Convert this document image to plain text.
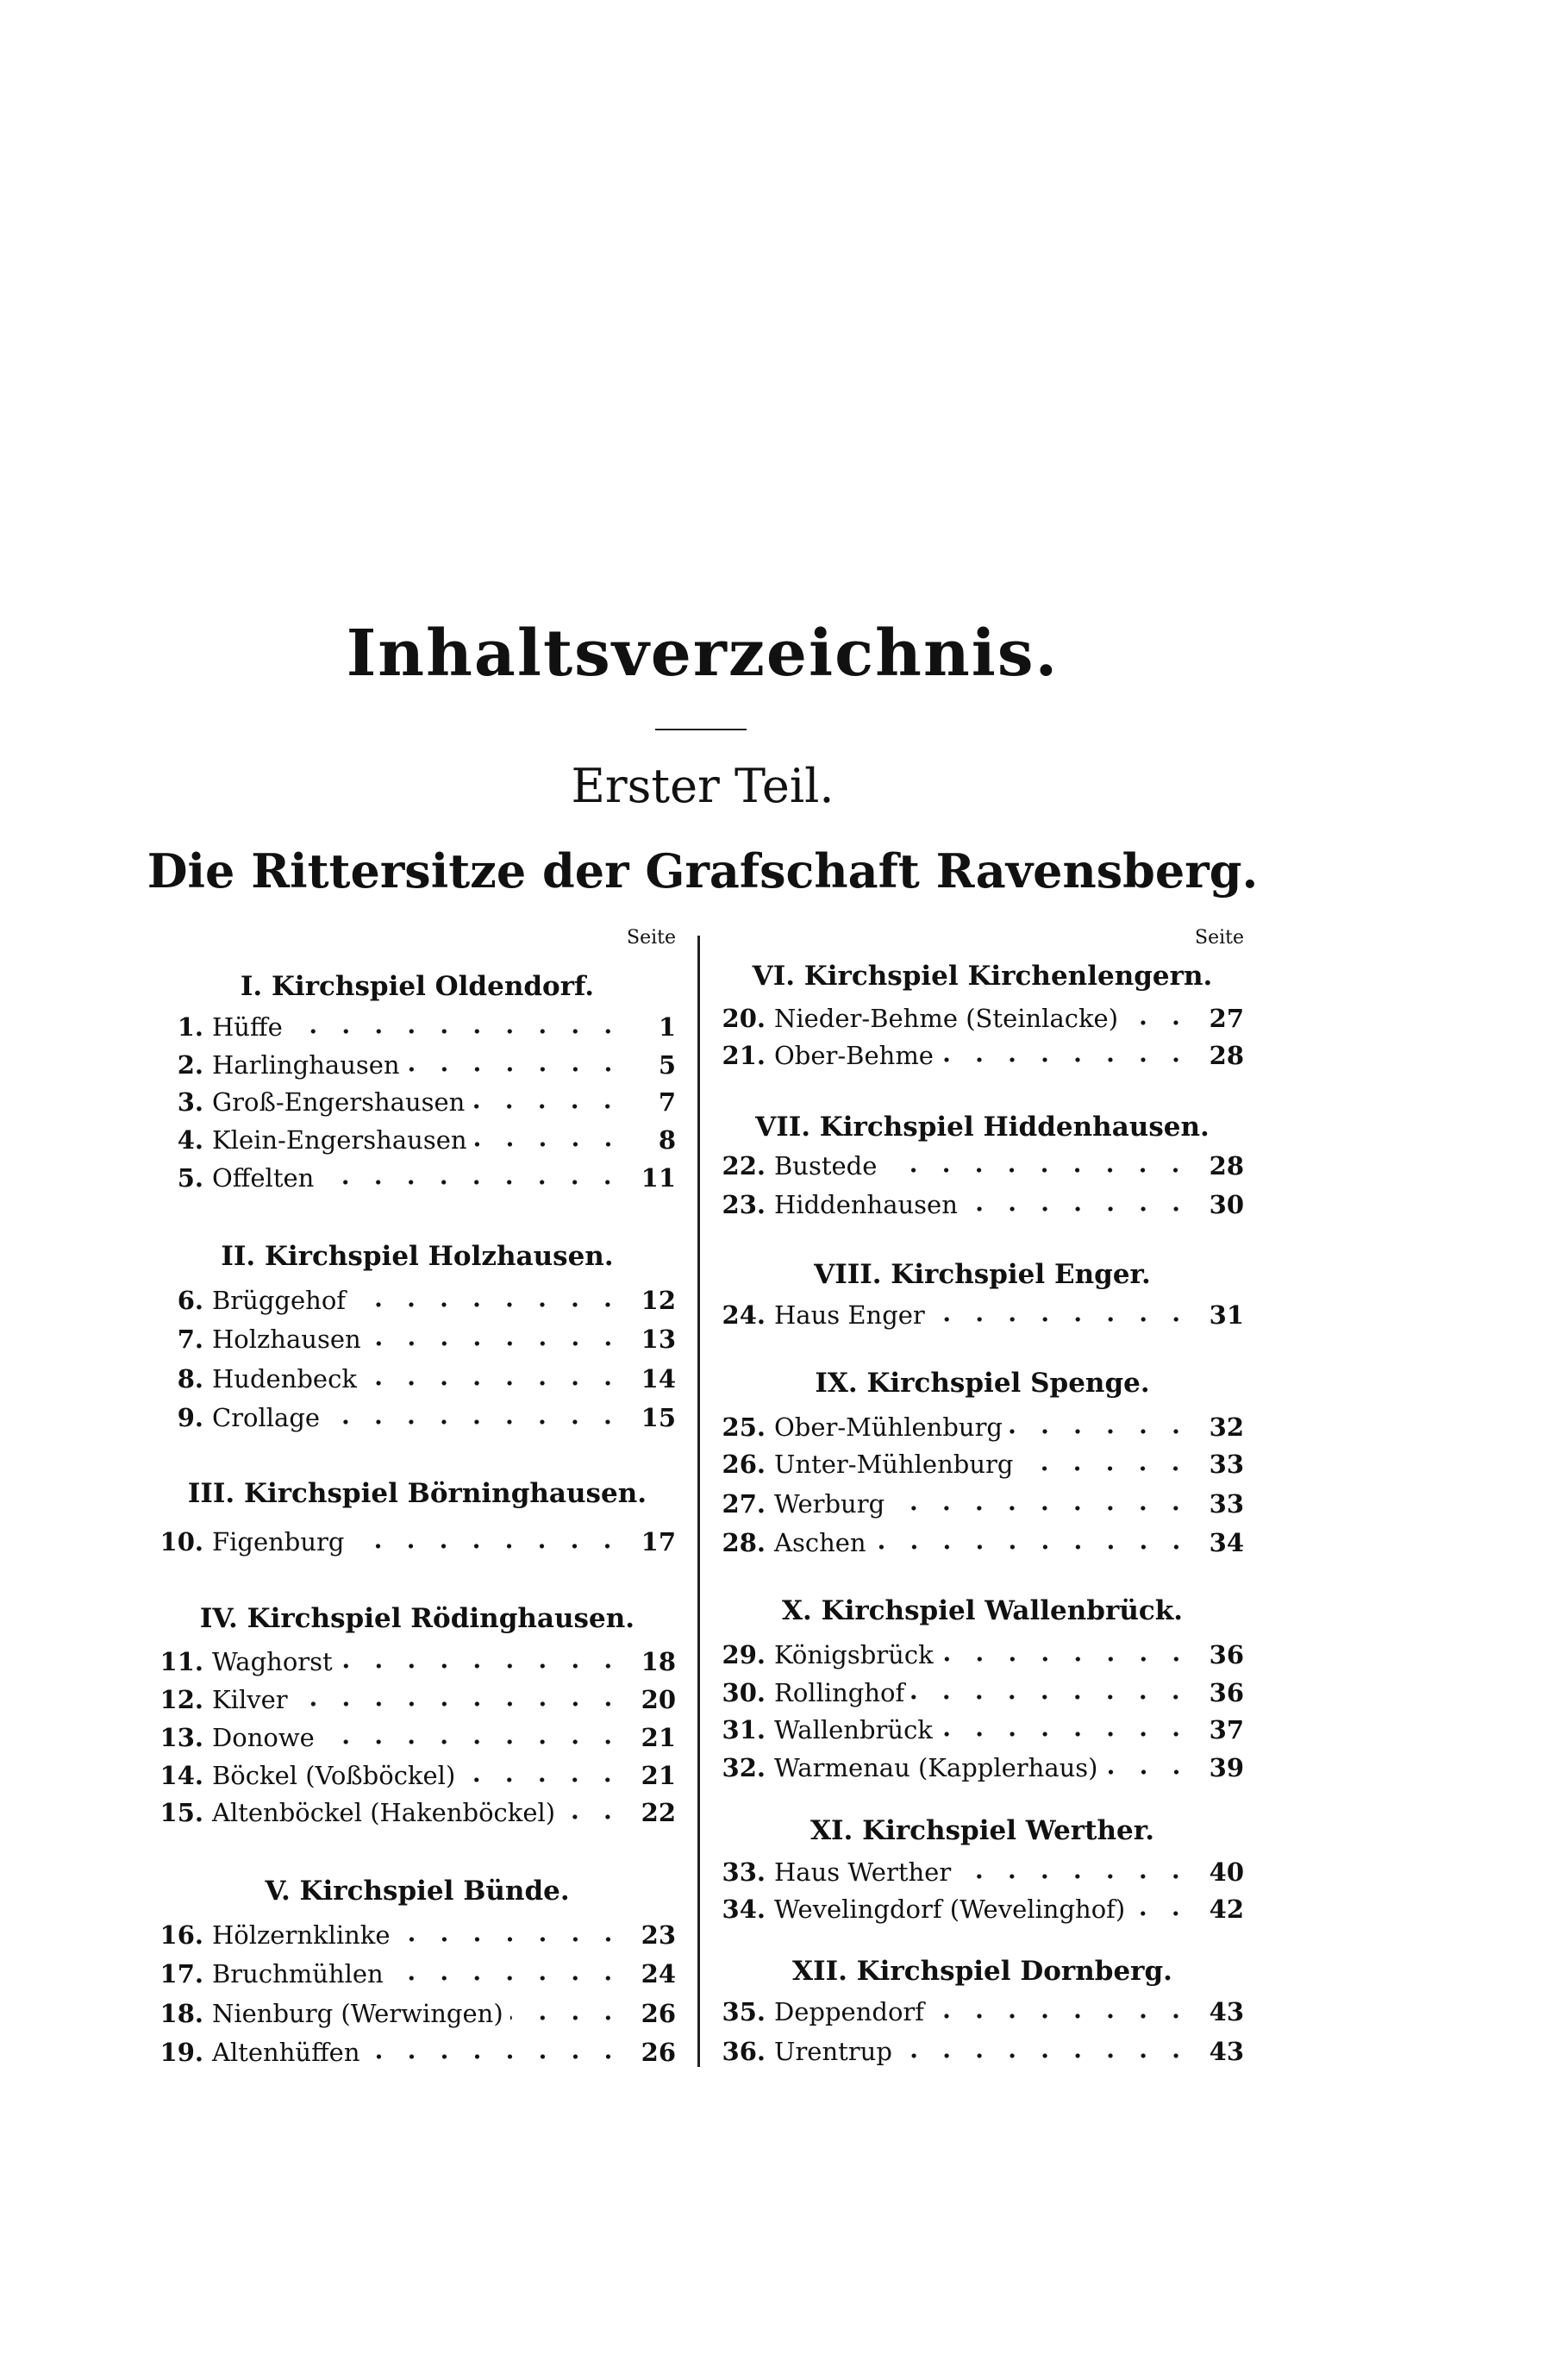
Inhaltsverzeichnis.
Erster Teil.
Die Rittersitze der Grafschaft Ravensberg.
Seite	Seite
I. Kirchspiel Oldendorf.
1. Hüffe	1
2. Harlinghausen	5
3. Groß-Engershausen	7
4. Klein-Engershausen	8
5. Offelten	11
II. Kirchspiel Holzhausen.
6. Brüggehof	12
7. Holzhausen	13
8. Hudenbeck	14
9. Crollage	15
III. Kirchspiel Börninghausen.
10. Figenburg	17
IV. Kirchspiel Rödinghausen.
11. Waghorst	18
12. Kilver	20
13. Donowe	21
14. Böckel (Voßböckel)	21
15. Altenböckel (Hakenböckel)	22
V. Kirchspiel Bünde.
16. Hölzernklinke	23
17. Bruchmühlen	24
18. Nienburg (Werwingen)	26
19. Altenhüffen	26
VI. Kirchspiel Kirchenlengern.
20. Nieder-Behme (Steinlacke)	27
21. Ober-Behme	28
VII. Kirchspiel Hiddenhausen.
22. Bustede	28
23. Hiddenhausen	30
VIII. Kirchspiel Enger.
24. Haus Enger	31
IX. Kirchspiel Spenge.
25. Ober-Mühlenburg	32
26. Unter-Mühlenburg	33
27. Werburg	33
28. Aschen	34
X. Kirchspiel Wallenbrück.
29. Königsbrück	36
30. Rollinghof	36
31. Wallenbrück	37
32. Warmenau (Kapplerhaus)	39
XI. Kirchspiel Werther.
33. Haus Werther	40
34. Wevelingdorf (Wevelinghof)	42
XII. Kirchspiel Dornberg.
35. Deppendorf	43
36. Urentrup	43
